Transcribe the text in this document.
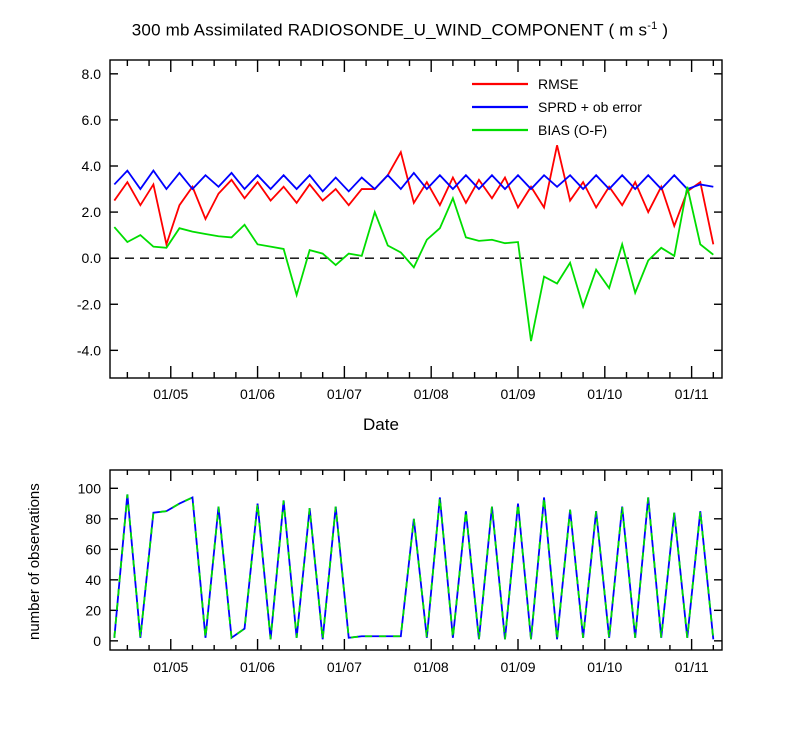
300 mb Assimilated RADIOSONDE_U_WIND_COMPONENT ( m $s^{-1}$ )
-4.0
-2.0
0.0
2.0
4.0
6.0
8.0
01/05	01/06	01/07	01/08	01/09	01/10	01/11
0
20
40
60
80
100
01/05	01/06	01/07	01/08	01/09	01/10	01/11
RMSE
SPRD + ob error
BIAS (O-F)
Date
number of observations
